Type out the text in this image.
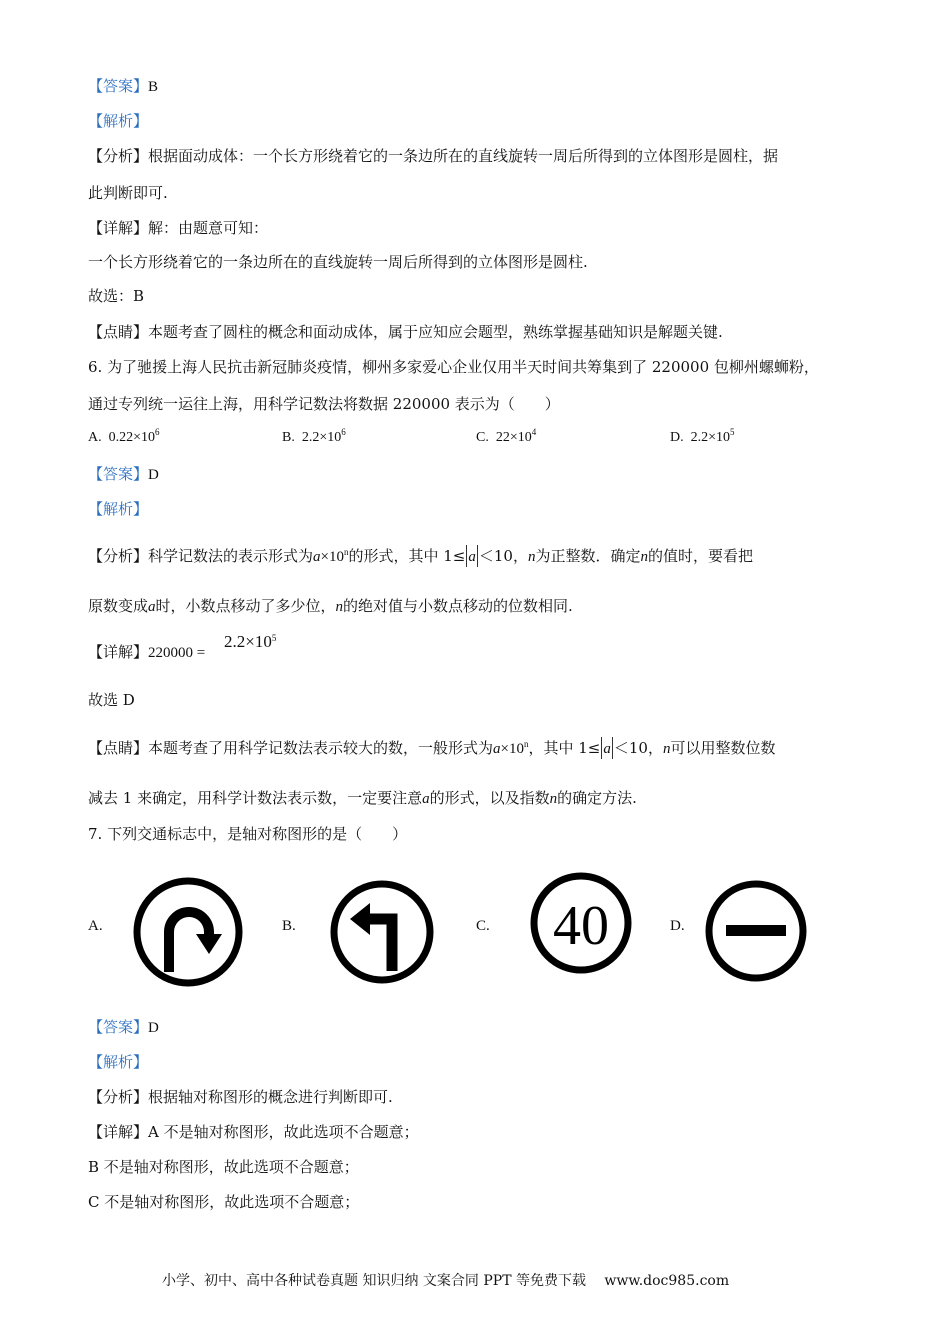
【答案】B
【解析】
【分析】根据面动成体：一个长方形绕着它的一条边所在的直线旋转一周后所得到的立体图形是圆柱，据
此判断即可.
【详解】解：由题意可知：
一个长方形绕着它的一条边所在的直线旋转一周后所得到的立体图形是圆柱.
故选：B
【点睛】本题考查了圆柱的概念和面动成体，属于应知应会题型，熟练掌握基础知识是解题关键.
6. 为了驰援上海人民抗击新冠肺炎疫情，柳州多家爱心企业仅用半天时间共筹集到了 220000 包柳州螺蛳粉，
通过专列统一运往上海，用科学记数法将数据 220000 表示为（　　）
A. $0.22\times 10^6$	B. $2.2\times 10^6$	C. $22\times 10^4$	D. $2.2\times 10^5$
【答案】D
【解析】
【分析】科学记数法的表示形式为$a\times 10^n$的形式，其中 1≤ a ＜10，n为正整数．确定n的值时，要看把
原数变成a时，小数点移动了多少位，n的绝对值与小数点移动的位数相同.
【详解】220000 =
$2.2\times 10^5$
故选 D
【点睛】本题考查了用科学记数法表示较大的数，一般形式为$a\times 10^n$，其中 1≤ a ＜10，n可以用整数位数
减去 1 来确定，用科学计数法表示数，一定要注意a的形式，以及指数n的确定方法.
7. 下列交通标志中，是轴对称图形的是（　　）
A.	B.	C. 40	D.
【答案】D
【解析】
【分析】根据轴对称图形的概念进行判断即可.
【详解】A 不是轴对称图形，故此选项不合题意；
B 不是轴对称图形，故此选项不合题意；
C 不是轴对称图形，故此选项不合题意；
小学、初中、高中各种试卷真题 知识归纳 文案合同 PPT 等免费下载　 www.doc985.com
